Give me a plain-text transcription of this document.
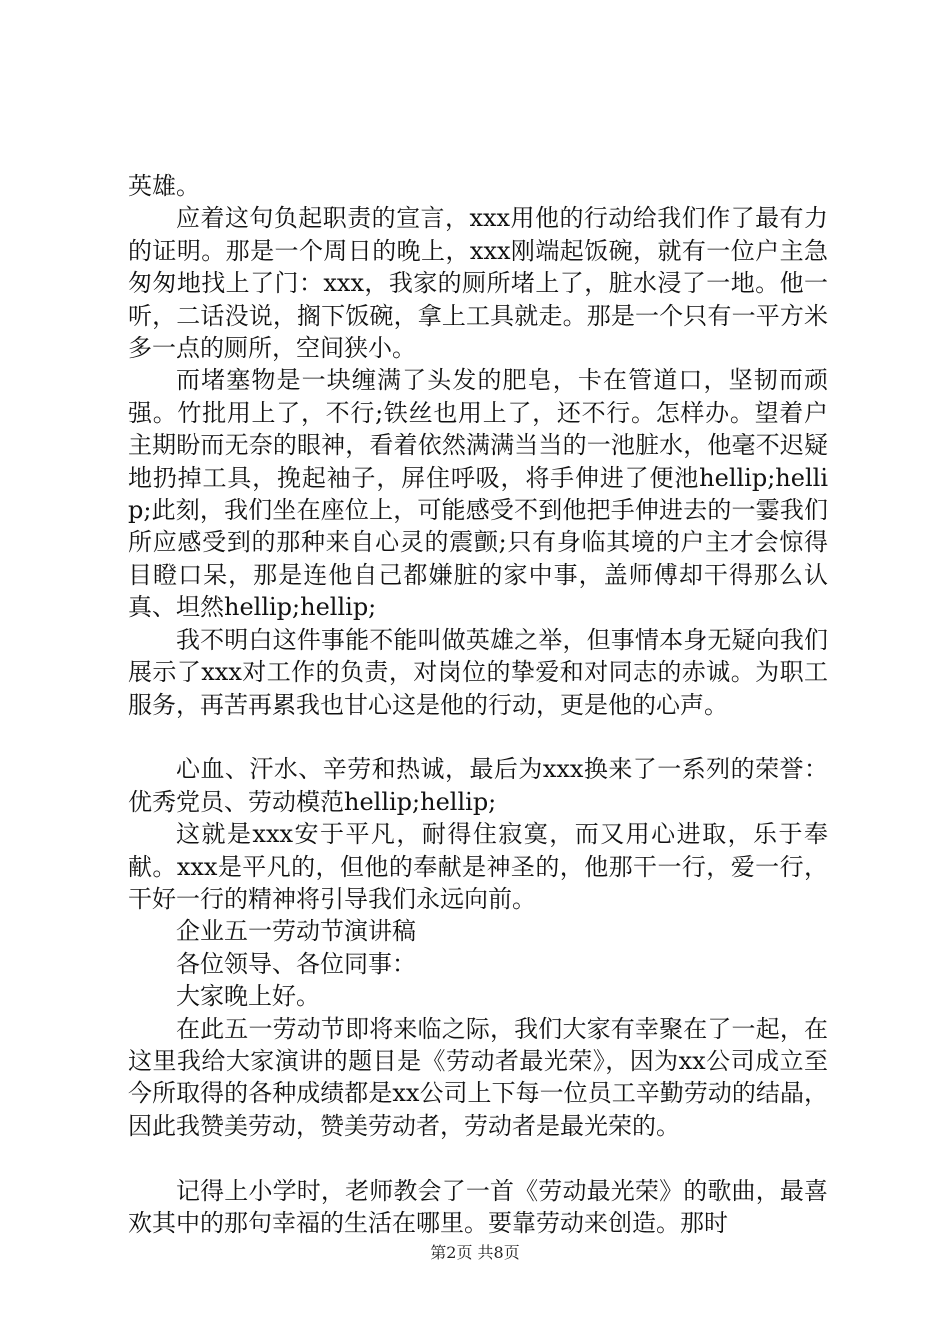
英雄。

应着这句负起职责的宣言，xxx用他的行动给我们作了最有力的证明。那是一个周日的晚上，xxx刚端起饭碗，就有一位户主急匆匆地找上了门：xxx，我家的厕所堵上了，脏水浸了一地。他一听，二话没说，搁下饭碗，拿上工具就走。那是一个只有一平方米多一点的厕所，空间狭小。

而堵塞物是一块缠满了头发的肥皂，卡在管道口，坚韧而顽强。竹批用上了，不行;铁丝也用上了，还不行。怎样办。望着户主期盼而无奈的眼神，看着依然满满当当的一池脏水，他毫不迟疑地扔掉工具，挽起袖子，屏住呼吸，将手伸进了便池hellip;hellip;此刻，我们坐在座位上，可能感受不到他把手伸进去的一霎我们所应感受到的那种来自心灵的震颤;只有身临其境的户主才会惊得目瞪口呆，那是连他自己都嫌脏的家中事，盖师傅却干得那么认真、坦然hellip;hellip;

我不明白这件事能不能叫做英雄之举，但事情本身无疑向我们展示了xxx对工作的负责，对岗位的挚爱和对同志的赤诚。为职工服务，再苦再累我也甘心这是他的行动，更是他的心声。

心血、汗水、辛劳和热诚，最后为xxx换来了一系列的荣誉：优秀党员、劳动模范hellip;hellip;

这就是xxx安于平凡，耐得住寂寞，而又用心进取，乐于奉献。xxx是平凡的，但他的奉献是神圣的，他那干一行，爱一行，干好一行的精神将引导我们永远向前。

企业五一劳动节演讲稿

各位领导、各位同事：

大家晚上好。

在此五一劳动节即将来临之际，我们大家有幸聚在了一起，在这里我给大家演讲的题目是《劳动者最光荣》，因为xx公司成立至今所取得的各种成绩都是xx公司上下每一位员工辛勤劳动的结晶，因此我赞美劳动，赞美劳动者，劳动者是最光荣的。

记得上小学时，老师教会了一首《劳动最光荣》的歌曲，最喜欢其中的那句幸福的生活在哪里。要靠劳动来创造。那时

第2页 共8页
